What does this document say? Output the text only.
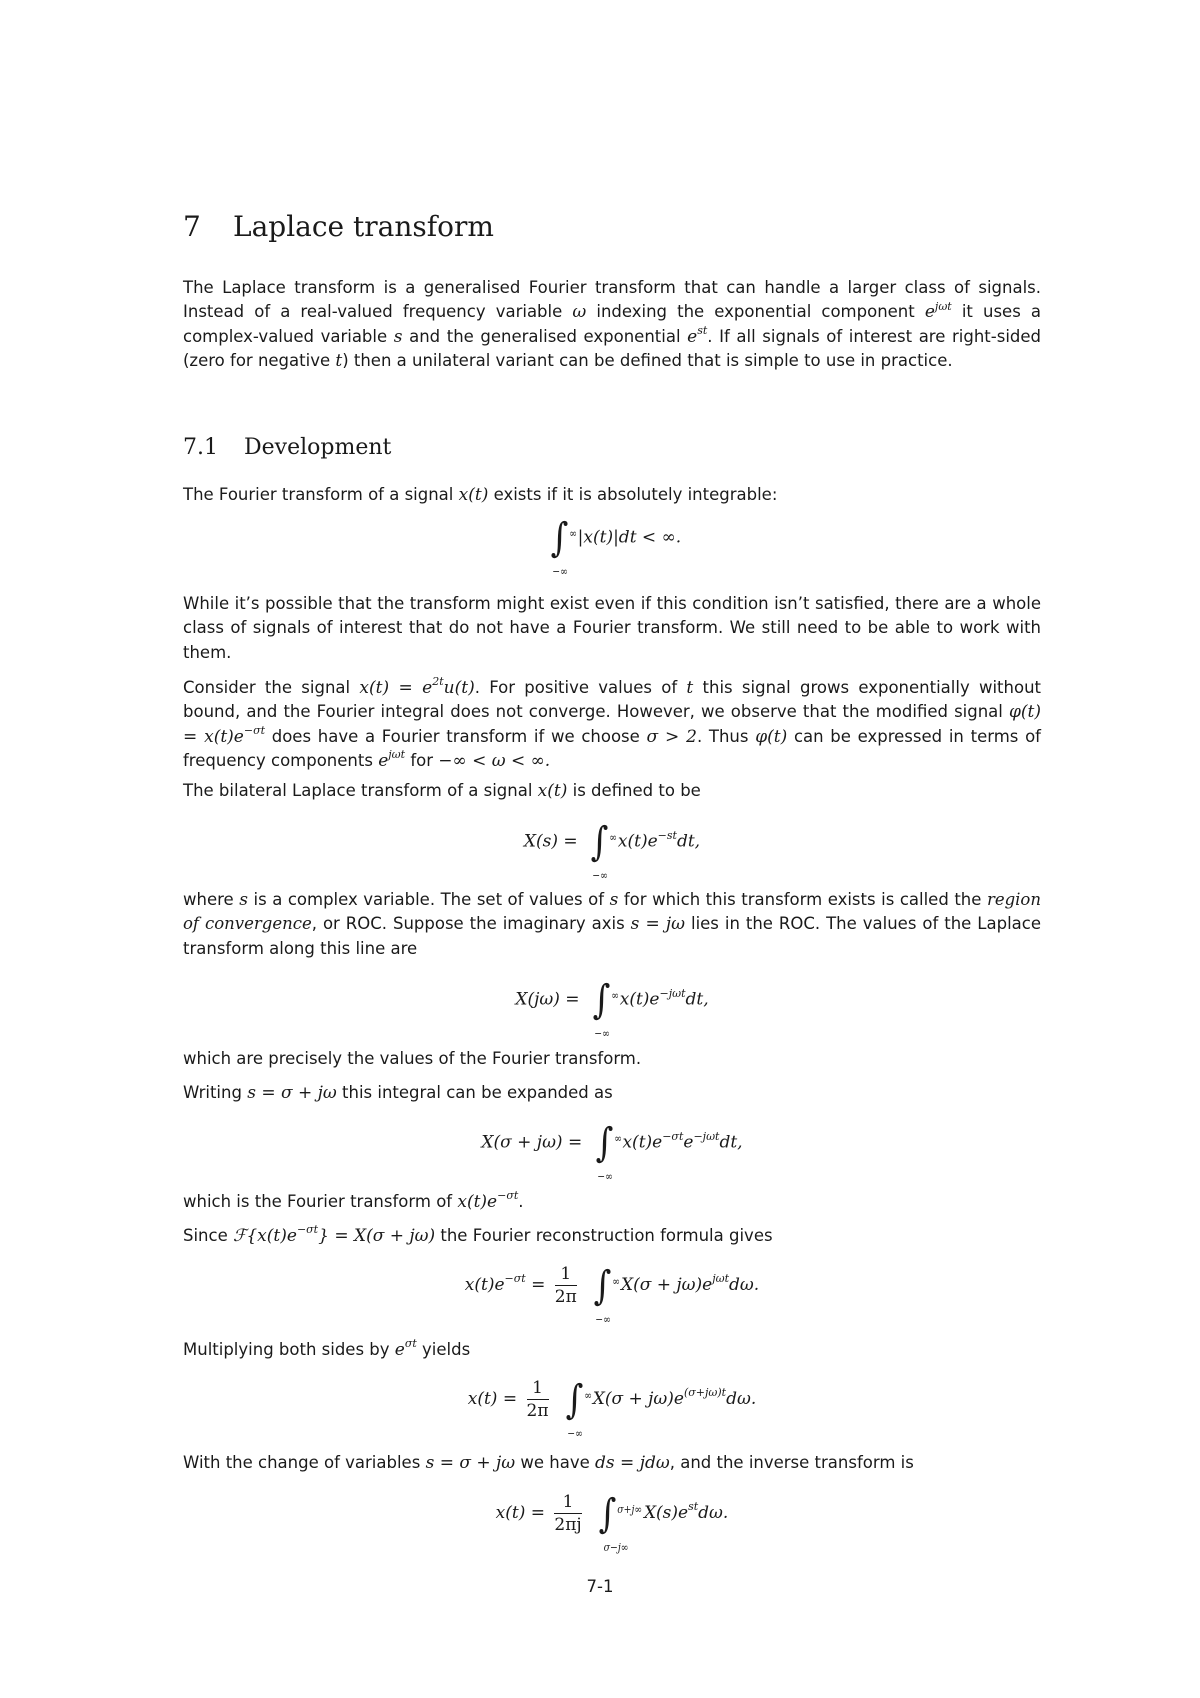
7 Laplace transform
The Laplace transform is a generalised Fourier transform that can handle a larger class of signals. Instead of a real-valued frequency variable ω indexing the exponential component $e^{j\omega t}$ it uses a complex-valued variable s and the generalised exponential $e^{st}$. If all signals of interest are right-sided (zero for negative t) then a unilateral variant can be defined that is simple to use in practice.
7.1 Development
The Fourier transform of a signal x(t) exists if it is absolutely integrable:
∫ ∞
−∞
|x(t)|dt < ∞.
While it’s possible that the transform might exist even if this condition isn’t satisfied, there are a whole class of signals of interest that do not have a Fourier transform. We still need to be able to work with them.
Consider the signal $x(t) = e^{2t}u(t)$. For positive values of t this signal grows exponentially without bound, and the Fourier integral does not converge. However, we observe that the modified signal $\varphi(t) = x(t)e^{-\sigma t}$ does have a Fourier transform if we choose σ > 2. Thus φ(t) can be expressed in terms of frequency components $e^{j\omega t}$ for −∞ < ω < ∞.
The bilateral Laplace transform of a signal x(t) is defined to be
X(s) = ∫ ∞
−∞
$x(t)e^{-st}dt$,
where s is a complex variable. The set of values of s for which this transform exists is called the region of convergence, or ROC. Suppose the imaginary axis s = jω lies in the ROC. The values of the Laplace transform along this line are
X(jω) = ∫ ∞
−∞
$x(t)e^{-j\omega t}dt$,
which are precisely the values of the Fourier transform.
Writing s = σ + jω this integral can be expanded as
X(σ + jω) = ∫ ∞
−∞
$x(t)e^{-\sigma t}e^{-j\omega t}dt$,
which is the Fourier transform of $x(t)e^{-\sigma t}$.
Since $ℱ\{x(t)e^{-\sigma t}\} = X(\sigma + j\omega)$ the Fourier reconstruction formula gives
$x(t)e^{-\sigma t} = \frac{1}{2\pi}$ ∫ ∞
−∞
$X(\sigma + j\omega)e^{j\omega t}d\omega$.
Multiplying both sides by $e^{\sigma t}$ yields
$x(t) = \frac{1}{2\pi}$ ∫ ∞
−∞
$X(\sigma + j\omega)e^{(\sigma+j\omega)t}d\omega$.
With the change of variables s = σ + jω we have ds = jdω, and the inverse transform is
$x(t) = \frac{1}{2\pi j}$ ∫ σ+j∞
σ−j∞
$X(s)e^{st}d\omega$.
7-1
